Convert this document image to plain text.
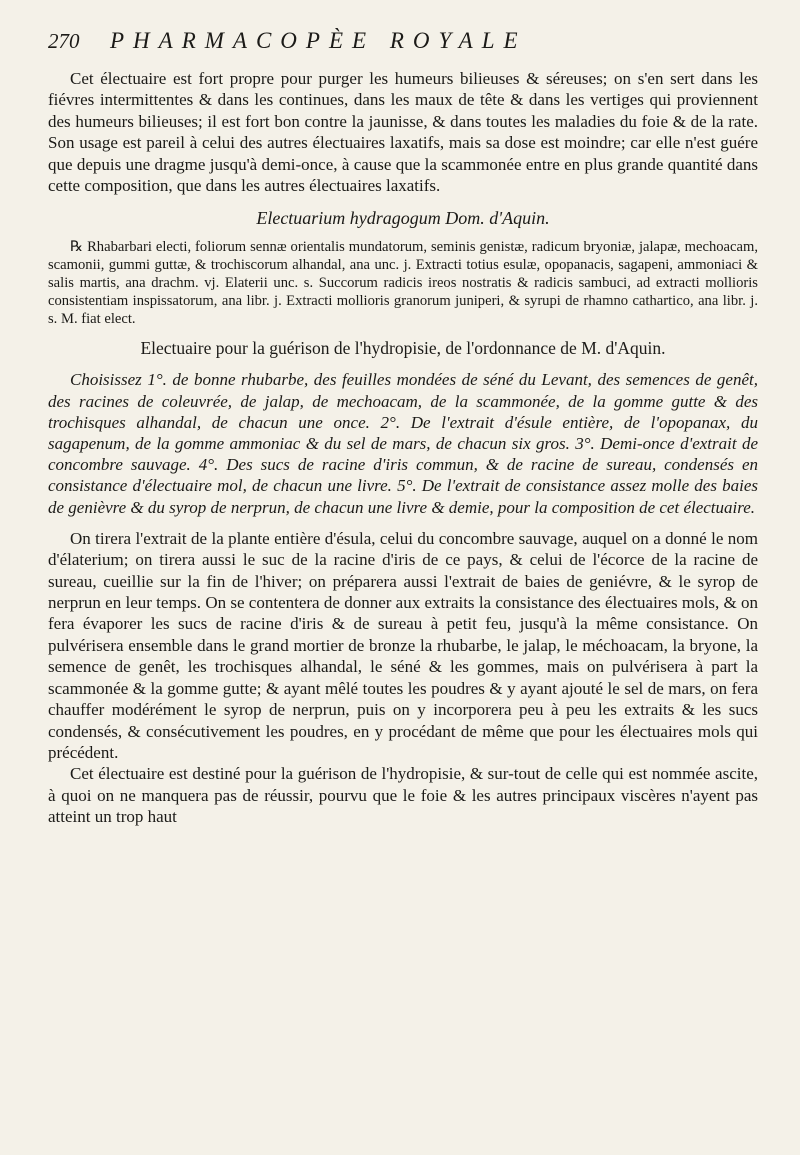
270	PHARMACOPÈE ROYALE

Cet électuaire est fort propre pour purger les humeurs bilieuses & séreuses; on s'en sert dans les fiévres intermittentes & dans les continues, dans les maux de tête & dans les vertiges qui proviennent des humeurs bilieuses; il est fort bon contre la jaunisse, & dans toutes les maladies du foie & de la rate. Son usage est pareil à celui des autres électuaires laxatifs, mais sa dose est moindre; car elle n'est guére que depuis une dragme jusqu'à demi-once, à cause que la scammonée entre en plus grande quantité dans cette composition, que dans les autres électuaires laxatifs.

Electuarium hydragogum Dom. d'Aquin.

℞ Rhabarbari electi, foliorum sennæ orientalis mundatorum, seminis genistæ, radicum bryoniæ, jalapæ, mechoacam, scamonii, gummi guttæ, & trochiscorum alhandal, ana unc. j. Extracti totius esulæ, opopanacis, sagapeni, ammoniaci & salis martis, ana drachm. vj. Elaterii unc. s. Succorum radicis ireos nostratis & radicis sambuci, ad extracti mollioris consistentiam inspissatorum, ana libr. j. Extracti mollioris granorum juniperi, & syrupi de rhamno cathartico, ana libr. j. s. M. fiat elect.

Electuaire pour la guérison de l'hydropisie, de l'ordonnance de M. d'Aquin.

Choisissez 1°. de bonne rhubarbe, des feuilles mondées de séné du Levant, des semences de genêt, des racines de coleuvrée, de jalap, de mechoacam, de la scammonée, de la gomme gutte & des trochisques alhandal, de chacun une once. 2°. De l'extrait d'ésule entière, de l'opopanax, du sagapenum, de la gomme ammoniac & du sel de mars, de chacun six gros. 3°. Demi-once d'extrait de concombre sauvage. 4°. Des sucs de racine d'iris commun, & de racine de sureau, condensés en consistance d'électuaire mol, de chacun une livre. 5°. De l'extrait de consistance assez molle des baies de genièvre & du syrop de nerprun, de chacun une livre & demie, pour la composition de cet électuaire.

On tirera l'extrait de la plante entière d'ésula, celui du concombre sauvage, auquel on a donné le nom d'élaterium; on tirera aussi le suc de la racine d'iris de ce pays, & celui de l'écorce de la racine de sureau, cueillie sur la fin de l'hiver; on préparera aussi l'extrait de baies de geniévre, & le syrop de nerprun en leur temps. On se contentera de donner aux extraits la consistance des électuaires mols, & on fera évaporer les sucs de racine d'iris & de sureau à petit feu, jusqu'à la même consistance. On pulvérisera ensemble dans le grand mortier de bronze la rhubarbe, le jalap, le méchoacam, la bryone, la semence de genêt, les trochisques alhandal, le séné & les gommes, mais on pulvérisera à part la scammonée & la gomme gutte; & ayant mêlé toutes les poudres & y ayant ajouté le sel de mars, on fera chauffer modérément le syrop de nerprun, puis on y incorporera peu à peu les extraits & les sucs condensés, & consécutivement les poudres, en y procédant de même que pour les électuaires mols qui précédent.

Cet électuaire est destiné pour la guérison de l'hydropisie, & sur-tout de celle qui est nommée ascite, à quoi on ne manquera pas de réussir, pourvu que le foie & les autres principaux viscères n'ayent pas atteint un trop haut
